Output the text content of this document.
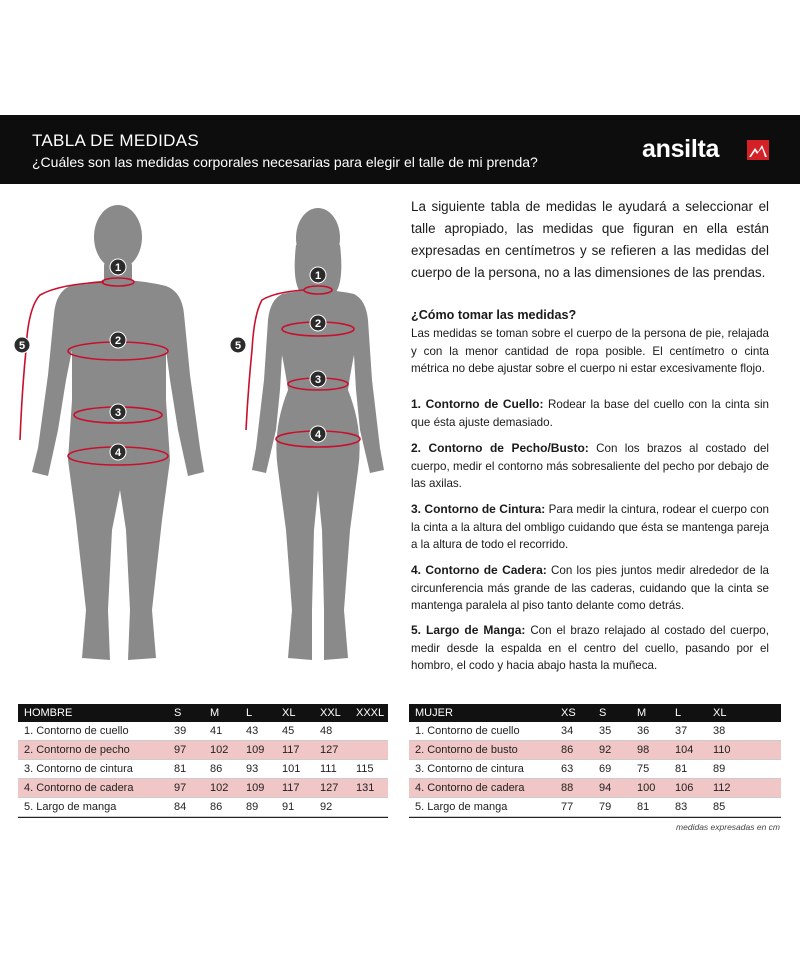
TABLA DE MEDIDAS
¿Cuáles son las medidas corporales necesarias para elegir el talle de mi prenda?	ansilta
1
2
3
4
5
1
2
3
4
5
La siguiente tabla de medidas le ayudará a seleccionar el talle apropiado, las medidas que figuran en ella están expresadas en centímetros y se refieren a las medidas del cuerpo de la persona, no a las dimensiones de las prendas.
¿Cómo tomar las medidas?
Las medidas se toman sobre el cuerpo de la persona de pie, relajada y con la menor cantidad de ropa posible. El centímetro o cinta métrica no debe ajustar sobre el cuerpo ni estar excesivamente flojo.
1. Contorno de Cuello: Rodear la base del cuello con la cinta sin que ésta ajuste demasiado.
2. Contorno de Pecho/Busto: Con los brazos al costado del cuerpo, medir el contorno más sobresaliente del pecho por debajo de las axilas.
3. Contorno de Cintura: Para medir la cintura, rodear el cuerpo con la cinta a la altura del ombligo cuidando que ésta se mantenga pareja a la altura de todo el recorrido.
4. Contorno de Cadera: Con los pies juntos medir alrededor de la circunferencia más grande de las caderas, cuidando que la cinta se mantenga paralela al piso tanto delante como detrás.
5. Largo de Manga: Con el brazo relajado al costado del cuerpo, medir desde la espalda en el centro del cuello, pasando por el hombro, el codo y hacia abajo hasta la muñeca.
HOMBRE	S	M	L	XL	XXL	XXXL
1. Contorno de cuello	39	41	43	45	48	
2. Contorno de pecho	97	102	109	117	127	
3. Contorno de cintura	81	86	93	101	111	115
4. Contorno de cadera	97	102	109	117	127	131
5. Largo de manga	84	86	89	91	92	
MUJER	XS	S	M	L	XL
1. Contorno de cuello	34	35	36	37	38
2. Contorno de busto	86	92	98	104	110
3. Contorno de cintura	63	69	75	81	89
4. Contorno de cadera	88	94	100	106	112
5. Largo de manga	77	79	81	83	85
medidas expresadas en cm
